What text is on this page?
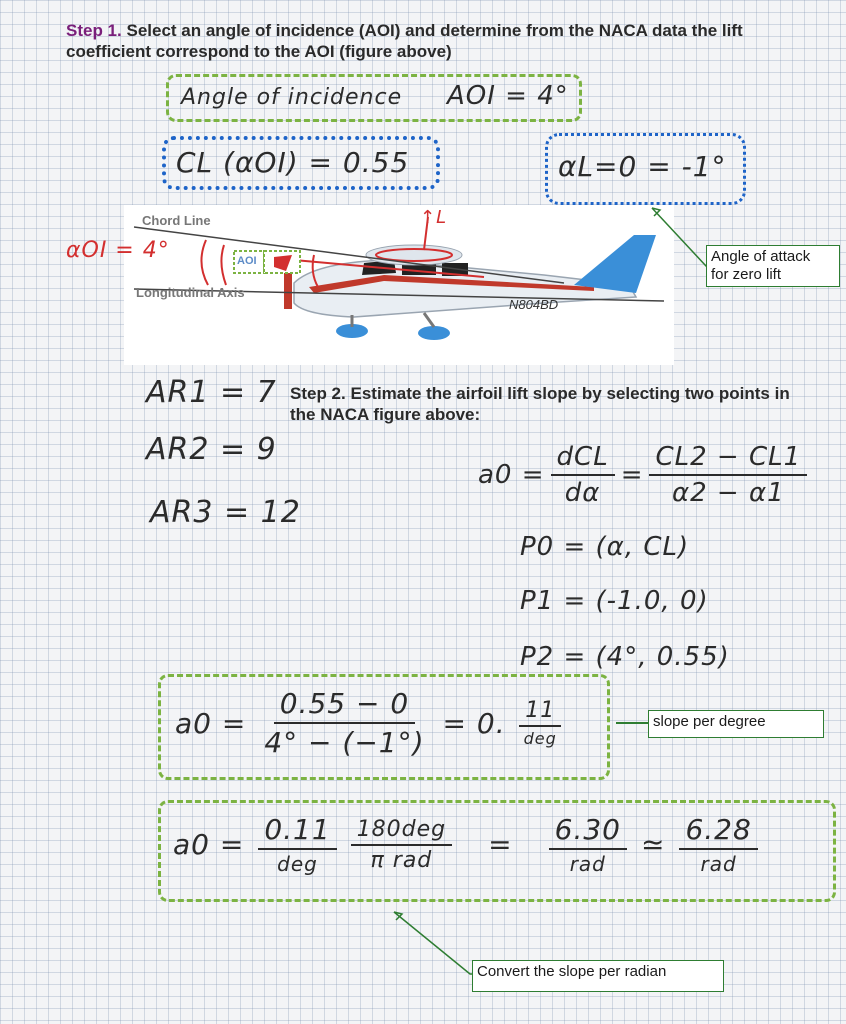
Step 1. Select an angle of incidence (AOI) and determine from the NACA data the lift coefficient correspond to the AOI (figure above)
Angle of incidence AOI = 4°
CL (αOI) = 0.55	αL=0 = -1°
Chord Line
Longitudinal Axis
AOI
↑L
N804BD
αOI = 4°	Angle of attack
for zero lift
AR1 = 7
AR2 = 9
AR3 = 12
Step 2. Estimate the airfoil lift slope by selecting two points in the NACA figure above:
$a0 = \frac{\text{dCL}}{d\alpha} = \frac{CL2 - CL1}{\alpha 2 - \alpha 1}$
P0 = (α, CL)
P1 = (-1.0, 0)
P2 = (4°, 0.55)
$a0 = \frac{0.55 - 0}{4^\circ - (-1^\circ)} = 0$. $\frac{11}{\text{deg}}$	slope per degree
$a0 = \frac{0.11}{\text{deg}} \frac{\text{180deg}}{\text{π rad}} = \frac{6.30}{\text{rad}}$ ≃ $\frac{6.28}{\text{rad}}$
Convert the slope per radian
